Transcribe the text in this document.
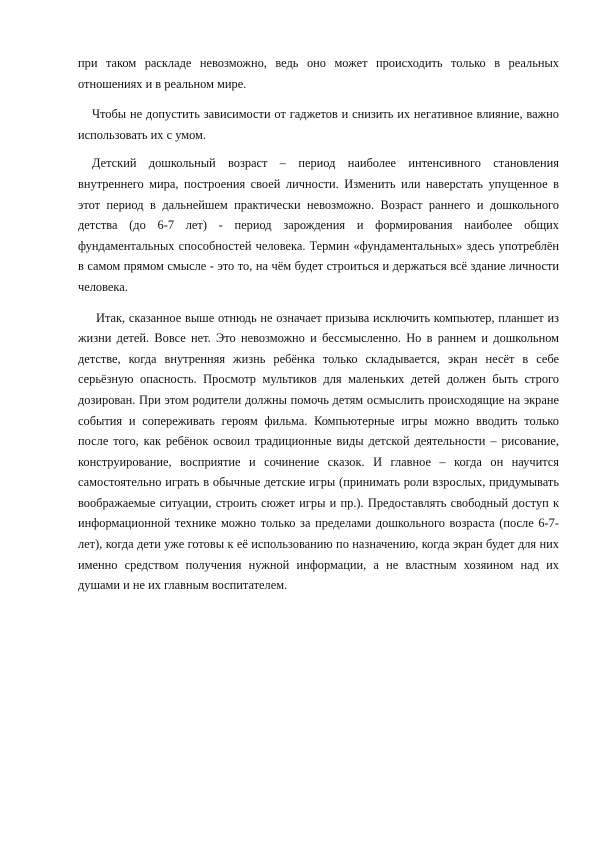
при таком раскладе невозможно, ведь оно может происходить только в реальных отношениях и в реальном мире.

Чтобы не допустить зависимости от гаджетов и снизить их негативное влияние, важно использовать их с умом.

Детский дошкольный возраст – период наиболее интенсивного становления внутреннего мира, построения своей личности. Изменить или наверстать упущенное в этот период в дальнейшем практически невозможно. Возраст раннего и дошкольного детства (до 6-7 лет) - период зарождения и формирования наиболее общих фундаментальных способностей человека. Термин «фундаментальных» здесь употреблён в самом прямом смысле - это то, на чём будет строиться и держаться всё здание личности человека.

Итак, сказанное выше отнюдь не означает призыва исключить компьютер, планшет из жизни детей. Вовсе нет. Это невозможно и бессмысленно. Но в раннем и дошкольном детстве, когда внутренняя жизнь ребёнка только складывается, экран несёт в себе серьёзную опасность. Просмотр мультиков для маленьких детей должен быть строго дозирован. При этом родители должны помочь детям осмыслить происходящие на экране события и сопереживать героям фильма. Компьютерные игры можно вводить только после того, как ребёнок освоил традиционные виды детской деятельности – рисование, конструирование, восприятие и сочинение сказок. И главное – когда он научится самостоятельно играть в обычные детские игры (принимать роли взрослых, придумывать воображаемые ситуации, строить сюжет игры и пр.). Предоставлять свободный доступ к информационной технике можно только за пределами дошкольного возраста (после 6-7-лет), когда дети уже готовы к её использованию по назначению, когда экран будет для них именно средством получения нужной информации, а не властным хозяином над их душами и не их главным воспитателем.
